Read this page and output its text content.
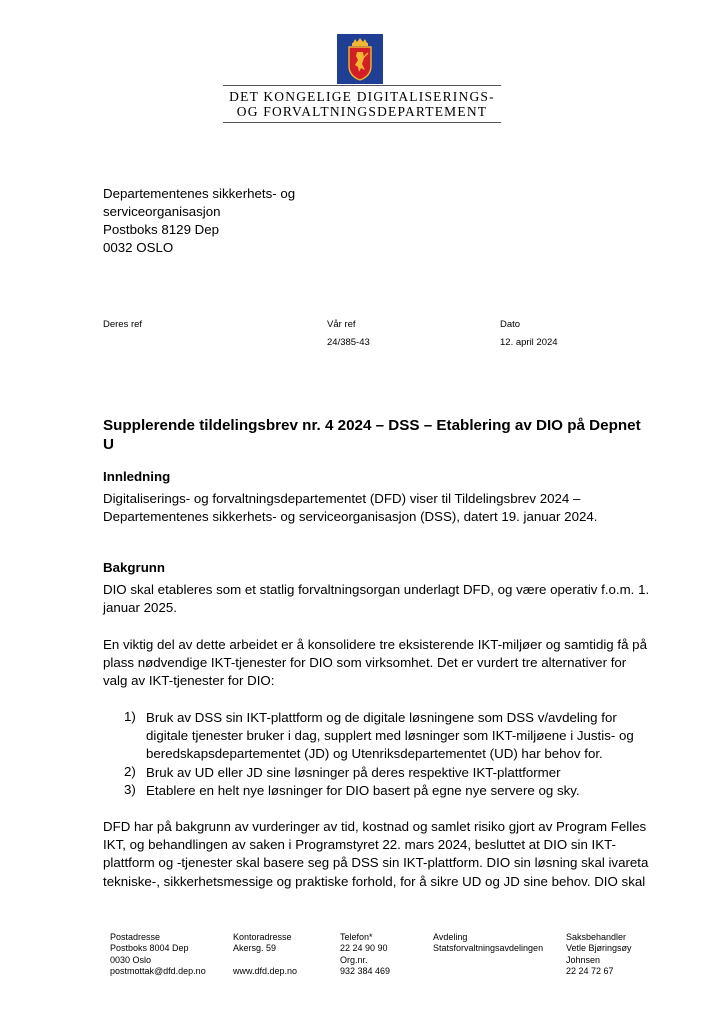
DET KONGELIGE DIGITALISERINGS-
OG FORVALTNINGSDEPARTEMENT
Departementenes sikkerhets- og
serviceorganisasjon
Postboks 8129 Dep
0032 OSLO
Deres ref	Vår ref
24/385-43
Dato
12. april 2024
Supplerende tildelingsbrev nr. 4 2024 – DSS – Etablering av DIO på Depnet U
Innledning
Digitaliserings- og forvaltningsdepartementet (DFD) viser til Tildelingsbrev 2024 –
Departementenes sikkerhets- og serviceorganisasjon (DSS), datert 19. januar 2024.
Bakgrunn
DIO skal etableres som et statlig forvaltningsorgan underlagt DFD, og være operativ f.o.m. 1.
januar 2025.
En viktig del av dette arbeidet er å konsolidere tre eksisterende IKT-miljøer og samtidig få på
plass nødvendige IKT-tjenester for DIO som virksomhet. Det er vurdert tre alternativer for
valg av IKT-tjenester for DIO:
1) Bruk av DSS sin IKT-plattform og de digitale løsningene som DSS v/avdeling for
digitale tjenester bruker i dag, supplert med løsninger som IKT-miljøene i Justis- og
beredskapsdepartementet (JD) og Utenriksdepartementet (UD) har behov for.
2) Bruk av UD eller JD sine løsninger på deres respektive IKT-plattformer
3) Etablere en helt nye løsninger for DIO basert på egne nye servere og sky.
DFD har på bakgrunn av vurderinger av tid, kostnad og samlet risiko gjort av Program Felles
IKT, og behandlingen av saken i Programstyret 22. mars 2024, besluttet at DIO sin IKT-
plattform og -tjenester skal basere seg på DSS sin IKT-plattform. DIO sin løsning skal ivareta
tekniske-, sikkerhetsmessige og praktiske forhold, for å sikre UD og JD sine behov. DIO skal
Postadresse
Postboks 8004 Dep
0030 Oslo
postmottak@dfd.dep.no
Kontoradresse
Akersg. 59
www.dfd.dep.no
Telefon*
22 24 90 90
Org.nr.
932 384 469
Avdeling
Statsforvaltningsavdelingen
Saksbehandler
Vetle Bjøringsøy
Johnsen
22 24 72 67
